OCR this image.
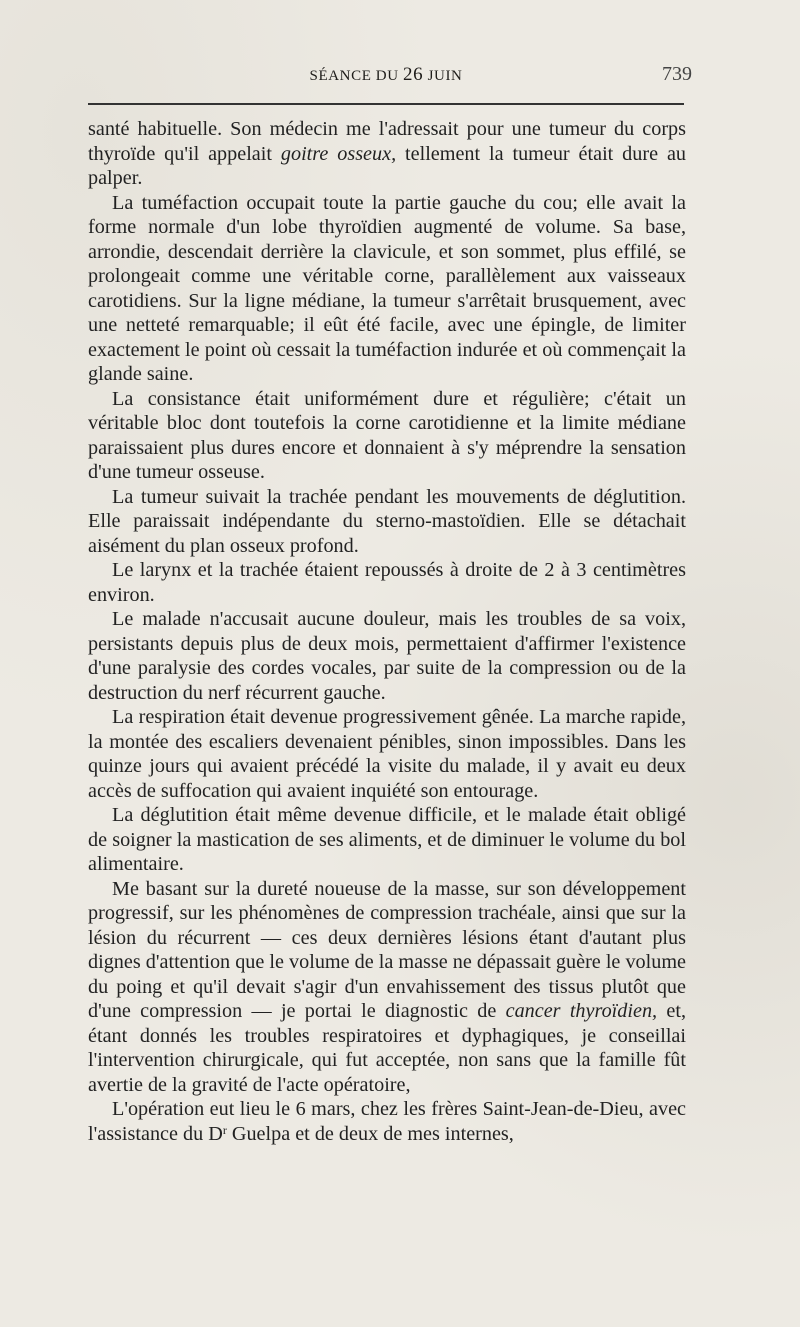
SÉANCE DU 26 JUIN	739

santé habituelle. Son médecin me l'adressait pour une tumeur du corps thyroïde qu'il appelait goitre osseux, tellement la tumeur était dure au palper.

La tuméfaction occupait toute la partie gauche du cou; elle avait la forme normale d'un lobe thyroïdien augmenté de volume. Sa base, arrondie, descendait derrière la clavicule, et son sommet, plus effilé, se prolongeait comme une véritable corne, parallèlement aux vaisseaux carotidiens. Sur la ligne médiane, la tumeur s'arrêtait brusquement, avec une netteté remarquable; il eût été facile, avec une épingle, de limiter exactement le point où cessait la tuméfaction indurée et où commençait la glande saine.

La consistance était uniformément dure et régulière; c'était un véritable bloc dont toutefois la corne carotidienne et la limite médiane paraissaient plus dures encore et donnaient à s'y méprendre la sensation d'une tumeur osseuse.

La tumeur suivait la trachée pendant les mouvements de déglutition. Elle paraissait indépendante du sterno-mastoïdien. Elle se détachait aisément du plan osseux profond.

Le larynx et la trachée étaient repoussés à droite de 2 à 3 centimètres environ.

Le malade n'accusait aucune douleur, mais les troubles de sa voix, persistants depuis plus de deux mois, permettaient d'affirmer l'existence d'une paralysie des cordes vocales, par suite de la compression ou de la destruction du nerf récurrent gauche.

La respiration était devenue progressivement gênée. La marche rapide, la montée des escaliers devenaient pénibles, sinon impossibles. Dans les quinze jours qui avaient précédé la visite du malade, il y avait eu deux accès de suffocation qui avaient inquiété son entourage.

La déglutition était même devenue difficile, et le malade était obligé de soigner la mastication de ses aliments, et de diminuer le volume du bol alimentaire.

Me basant sur la dureté noueuse de la masse, sur son développement progressif, sur les phénomènes de compression trachéale, ainsi que sur la lésion du récurrent — ces deux dernières lésions étant d'autant plus dignes d'attention que le volume de la masse ne dépassait guère le volume du poing et qu'il devait s'agir d'un envahissement des tissus plutôt que d'une compression — je portai le diagnostic de cancer thyroïdien, et, étant donnés les troubles respiratoires et dyphagiques, je conseillai l'intervention chirurgicale, qui fut acceptée, non sans que la famille fût avertie de la gravité de l'acte opératoire,

L'opération eut lieu le 6 mars, chez les frères Saint-Jean-de-Dieu, avec l'assistance du $D^r$ Guelpa et de deux de mes internes,
